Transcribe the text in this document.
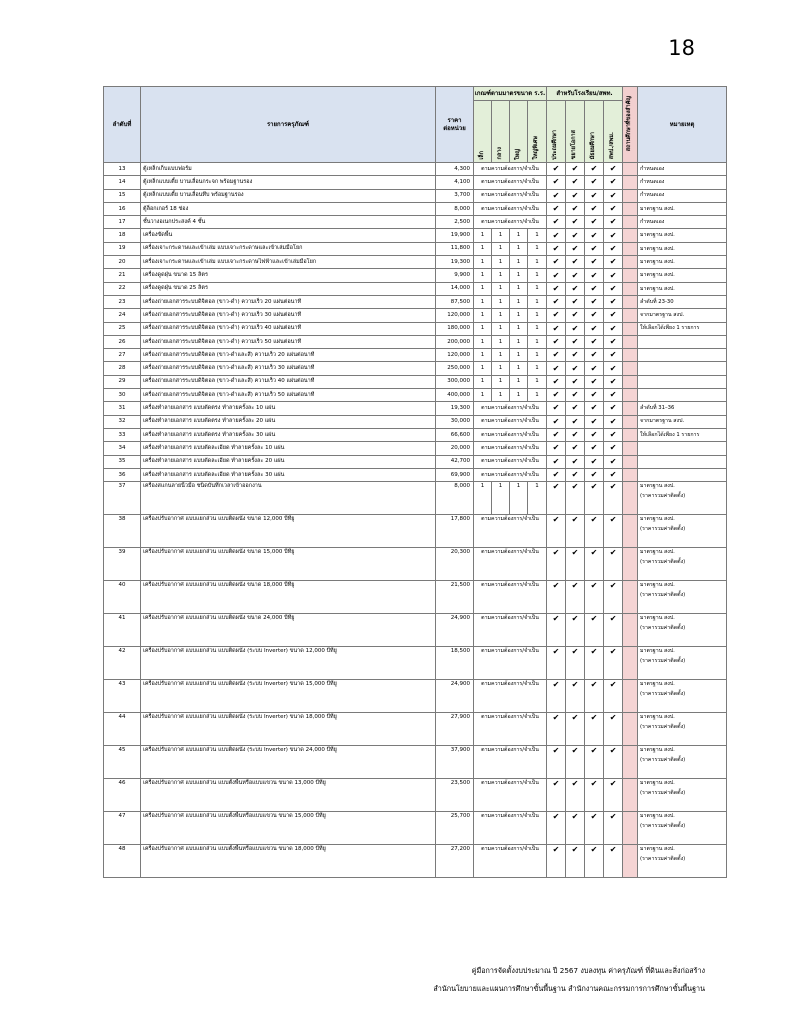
18
ลำดับที่	รายการครุภัณฑ์	ราคา
ต่อหน่วย	เกณฑ์ตามมาตรขนาด ร.ร.				สำหรับโรงเรียน/สพท.				สถานศึกษาที่ของสำคัญ	หมายเหตุ
			เล็ก	กลาง	ใหญ่	ใหญ่พิเศษ	ประถมศึกษา	ขยายโอกาส	มัธยมศึกษา	สพป./สพม.		
13	ตู้เหล็กเก็บแบบฟอร์ม	4,300	ตามความต้องการ/จำเป็น				✔	✔	✔	✔		กำหนดเอง
14	ตู้เหล็กแบบเตี้ย บานเลื่อนกระจก พร้อมฐานรอง	4,100	ตามความต้องการ/จำเป็น				✔	✔	✔	✔		กำหนดเอง
15	ตู้เหล็กแบบเตี้ย บานเลื่อนทึบ พร้อมฐานรอง	3,700	ตามความต้องการ/จำเป็น				✔	✔	✔	✔		กำหนดเอง
16	ตู้ล็อกเกอร์ 18 ช่อง	8,000	ตามความต้องการ/จำเป็น				✔	✔	✔	✔		มาตรฐาน สงป.
17	ชั้นวางอเนกประสงค์ 4 ชั้น	2,500	ตามความต้องการ/จำเป็น				✔	✔	✔	✔		กำหนดเอง
18	เครื่องขัดพื้น	19,900	1	1	1	1	✔	✔	✔	✔		มาตรฐาน สงป.
19	เครื่องเจาะกระดาษและเข้าเล่ม แบบเจาะกระดาษและเข้าเล่มมือโยก	11,800	1	1	1	1	✔	✔	✔	✔		มาตรฐาน สงป.
20	เครื่องเจาะกระดาษและเข้าเล่ม แบบเจาะกระดาษไฟฟ้าและเข้าเล่มมือโยก	19,300	1	1	1	1	✔	✔	✔	✔		มาตรฐาน สงป.
21	เครื่องดูดฝุ่น ขนาด 15 ลิตร	9,900	1	1	1	1	✔	✔	✔	✔		มาตรฐาน สงป.
22	เครื่องดูดฝุ่น ขนาด 25 ลิตร	14,000	1	1	1	1	✔	✔	✔	✔		มาตรฐาน สงป.
23	เครื่องถ่ายเอกสารระบบดิจิตอล (ขาว-ดำ) ความเร็ว 20 แผ่นต่อนาที	87,500	1	1	1	1	✔	✔	✔	✔		ลำดับที่ 23-30
24	เครื่องถ่ายเอกสารระบบดิจิตอล (ขาว-ดำ) ความเร็ว 30 แผ่นต่อนาที	120,000	1	1	1	1	✔	✔	✔	✔		จากมาตรฐาน สงป.
25	เครื่องถ่ายเอกสารระบบดิจิตอล (ขาว-ดำ) ความเร็ว 40 แผ่นต่อนาที	180,000	1	1	1	1	✔	✔	✔	✔		ให้เลือกได้เพียง 1 รายการ
26	เครื่องถ่ายเอกสารระบบดิจิตอล (ขาว-ดำ) ความเร็ว 50 แผ่นต่อนาที	200,000	1	1	1	1	✔	✔	✔	✔		
27	เครื่องถ่ายเอกสารระบบดิจิตอล (ขาว-ดำและสี) ความเร็ว 20 แผ่นต่อนาที	120,000	1	1	1	1	✔	✔	✔	✔		
28	เครื่องถ่ายเอกสารระบบดิจิตอล (ขาว-ดำและสี) ความเร็ว 30 แผ่นต่อนาที	250,000	1	1	1	1	✔	✔	✔	✔		
29	เครื่องถ่ายเอกสารระบบดิจิตอล (ขาว-ดำและสี) ความเร็ว 40 แผ่นต่อนาที	300,000	1	1	1	1	✔	✔	✔	✔		
30	เครื่องถ่ายเอกสารระบบดิจิตอล (ขาว-ดำและสี) ความเร็ว 50 แผ่นต่อนาที	400,000	1	1	1	1	✔	✔	✔	✔		
31	เครื่องทำลายเอกสาร แบบตัดตรง ทำลายครั้งละ 10 แผ่น	19,300	ตามความต้องการ/จำเป็น				✔	✔	✔	✔		ลำดับที่ 31–36
32	เครื่องทำลายเอกสาร แบบตัดตรง ทำลายครั้งละ 20 แผ่น	30,000	ตามความต้องการ/จำเป็น				✔	✔	✔	✔		จากมาตรฐาน สงป.
33	เครื่องทำลายเอกสาร แบบตัดตรง ทำลายครั้งละ 30 แผ่น	66,600	ตามความต้องการ/จำเป็น				✔	✔	✔	✔		ให้เลือกได้เพียง 1 รายการ
34	เครื่องทำลายเอกสาร แบบตัดละเอียด ทำลายครั้งละ 10 แผ่น	20,000	ตามความต้องการ/จำเป็น				✔	✔	✔	✔		
35	เครื่องทำลายเอกสาร แบบตัดละเอียด ทำลายครั้งละ 20 แผ่น	42,700	ตามความต้องการ/จำเป็น				✔	✔	✔	✔		
36	เครื่องทำลายเอกสาร แบบตัดละเอียด ทำลายครั้งละ 30 แผ่น	69,900	ตามความต้องการ/จำเป็น				✔	✔	✔	✔		
37	เครื่องสแกนลายนิ้วมือ ชนิดบันทึกเวลาเข้าออกงาน	8,000	1	1	1	1	✔	✔	✔	✔		มาตรฐาน สงป.
(ราคารวมค่าติดตั้ง)

38	เครื่องปรับอากาศ แบบแยกส่วน แบบติดผนัง ขนาด 12,000 บีทียู	17,800	ตามความต้องการ/จำเป็น				✔	✔	✔	✔		มาตรฐาน สงป.
(ราคารวมค่าติดตั้ง)

39	เครื่องปรับอากาศ แบบแยกส่วน แบบติดผนัง ขนาด 15,000 บีทียู	20,300	ตามความต้องการ/จำเป็น				✔	✔	✔	✔		มาตรฐาน สงป.
(ราคารวมค่าติดตั้ง)

40	เครื่องปรับอากาศ แบบแยกส่วน แบบติดผนัง ขนาด 18,000 บีทียู	21,500	ตามความต้องการ/จำเป็น				✔	✔	✔	✔		มาตรฐาน สงป.
(ราคารวมค่าติดตั้ง)

41	เครื่องปรับอากาศ แบบแยกส่วน แบบติดผนัง ขนาด 24,000 บีทียู	24,900	ตามความต้องการ/จำเป็น				✔	✔	✔	✔		มาตรฐาน สงป.
(ราคารวมค่าติดตั้ง)

42	เครื่องปรับอากาศ แบบแยกส่วน แบบติดผนัง (ระบบ Inverter) ขนาด 12,000 บีทียู	18,500	ตามความต้องการ/จำเป็น				✔	✔	✔	✔		มาตรฐาน สงป.
(ราคารวมค่าติดตั้ง)

43	เครื่องปรับอากาศ แบบแยกส่วน แบบติดผนัง (ระบบ Inverter) ขนาด 15,000 บีทียู	24,900	ตามความต้องการ/จำเป็น				✔	✔	✔	✔		มาตรฐาน สงป.
(ราคารวมค่าติดตั้ง)

44	เครื่องปรับอากาศ แบบแยกส่วน แบบติดผนัง (ระบบ Inverter) ขนาด 18,000 บีทียู	27,900	ตามความต้องการ/จำเป็น				✔	✔	✔	✔		มาตรฐาน สงป.
(ราคารวมค่าติดตั้ง)

45	เครื่องปรับอากาศ แบบแยกส่วน แบบติดผนัง (ระบบ Inverter) ขนาด 24,000 บีทียู	37,900	ตามความต้องการ/จำเป็น				✔	✔	✔	✔		มาตรฐาน สงป.
(ราคารวมค่าติดตั้ง)

46	เครื่องปรับอากาศ แบบแยกส่วน แบบตั้งพื้นหรือแบบแขวน ขนาด 13,000 บีทียู	23,500	ตามความต้องการ/จำเป็น				✔	✔	✔	✔		มาตรฐาน สงป.
(ราคารวมค่าติดตั้ง)

47	เครื่องปรับอากาศ แบบแยกส่วน แบบตั้งพื้นหรือแบบแขวน ขนาด 15,000 บีทียู	25,700	ตามความต้องการ/จำเป็น				✔	✔	✔	✔		มาตรฐาน สงป.
(ราคารวมค่าติดตั้ง)

48	เครื่องปรับอากาศ แบบแยกส่วน แบบตั้งพื้นหรือแบบแขวน ขนาด 18,000 บีทียู	27,200	ตามความต้องการ/จำเป็น				✔	✔	✔	✔		มาตรฐาน สงป.
(ราคารวมค่าติดตั้ง)
คู่มือการจัดตั้งงบประมาณ ปี 2567 งบลงทุน ค่าครุภัณฑ์ ที่ดินและสิ่งก่อสร้าง
สำนักนโยบายและแผนการศึกษาขั้นพื้นฐาน สำนักงานคณะกรรมการการศึกษาขั้นพื้นฐาน
